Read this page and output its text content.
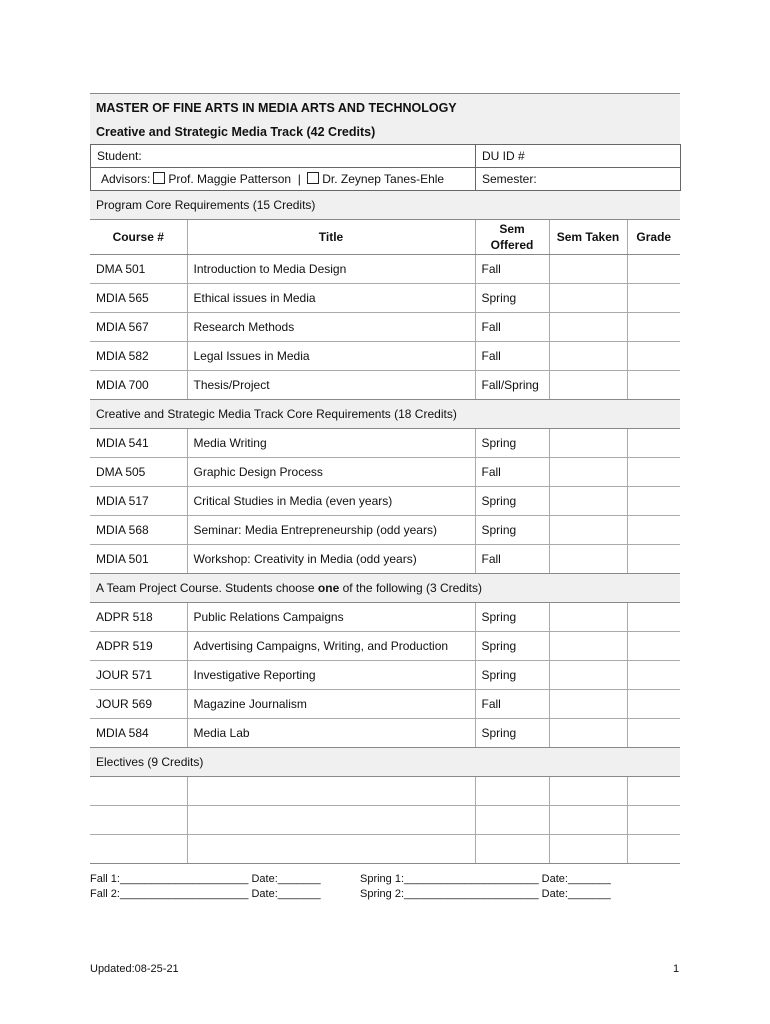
MASTER OF FINE ARTS IN MEDIA ARTS AND TECHNOLOGY
Creative and Strategic Media Track (42 Credits)
Student:	DU ID #
Advisors: Prof. Maggie Patterson | Dr. Zeynep Tanes-Ehle	Semester:
Program Core Requirements (15 Credits)				
Course #	Title	Sem Offered	Sem Taken	Grade
DMA 501	Introduction to Media Design	Fall		
MDIA 565	Ethical issues in Media	Spring		
MDIA 567	Research Methods	Fall		
MDIA 582	Legal Issues in Media	Fall		
MDIA 700	Thesis/Project	Fall/Spring		
Creative and Strategic Media Track Core Requirements (18 Credits)				
MDIA 541	Media Writing	Spring		
DMA 505	Graphic Design Process	Fall		
MDIA 517	Critical Studies in Media (even years)	Spring		
MDIA 568	Seminar: Media Entrepreneurship (odd years)	Spring		
MDIA 501	Workshop: Creativity in Media (odd years)	Fall		
A Team Project Course. Students choose one of the following (3 Credits)				
ADPR 518	Public Relations Campaigns	Spring		
ADPR 519	Advertising Campaigns, Writing, and Production	Spring		
JOUR 571	Investigative Reporting	Spring		
JOUR 569	Magazine Journalism	Fall		
MDIA 584	Media Lab	Spring		
Electives (9 Credits)				

Fall 1:_____________________ Date:_______
Fall 2:_____________________ Date:_______
Spring 1:______________________ Date:_______
Spring 2:______________________ Date:_______
Updated:08-25-21	1
